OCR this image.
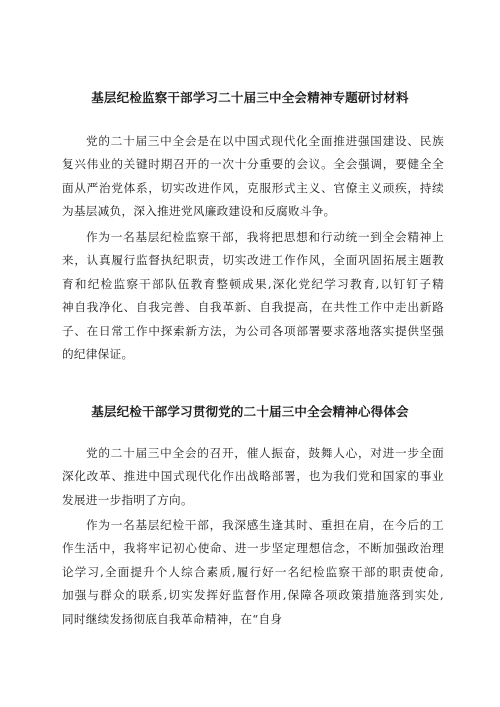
基层纪检监察干部学习二十届三中全会精神专题研讨材料
党的二十届三中全会是在以中国式现代化全面推进强国建设、民族
复兴伟业的关键时期召开的一次十分重要的会议。全会强调，要健全全
面从严治党体系，切实改进作风，克服形式主义、官僚主义顽疾，持续
为基层减负，深入推进党风廉政建设和反腐败斗争。
作为一名基层纪检监察干部，我将把思想和行动统一到全会精神上
来，认真履行监督执纪职责，切实改进工作作风，全面巩固拓展主题教
育和纪检监察干部队伍教育整顿成果,深化党纪学习教育,以钉钉子精
神自我净化、自我完善、自我革新、自我提高，在共性工作中走出新路
子、在日常工作中探索新方法，为公司各项部署要求落地落实提供坚强
的纪律保证。
基层纪检干部学习贯彻党的二十届三中全会精神心得体会
党的二十届三中全会的召开，催人振奋，鼓舞人心，对进一步全面
深化改革、推进中国式现代化作出战略部署，也为我们党和国家的事业
发展进一步指明了方向。
作为一名基层纪检干部，我深感生逢其时、重担在肩，在今后的工
作生活中，我将牢记初心使命、进一步坚定理想信念，不断加强政治理
论学习,全面提升个人综合素质,履行好一名纪检监察干部的职责使命,
加强与群众的联系,切实发挥好监督作用,保障各项政策措施落到实处,
同时继续发扬彻底自我革命精神，在“自身
